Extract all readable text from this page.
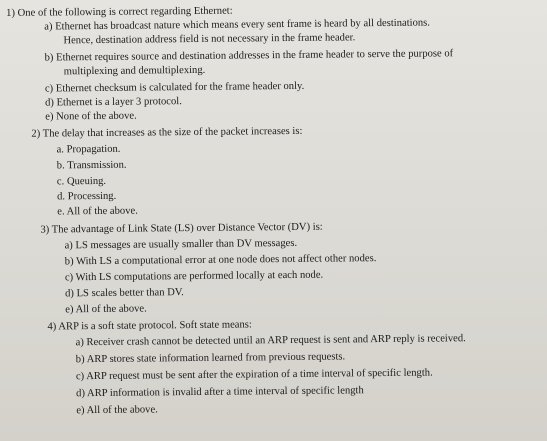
1) One of the following is correct regarding Ethernet:
a) Ethernet has broadcast nature which means every sent frame is heard by all destinations.
Hence, destination address field is not necessary in the frame header.
b) Ethernet requires source and destination addresses in the frame header to serve the purpose of
multiplexing and demultiplexing.
c) Ethernet checksum is calculated for the frame header only.
d) Ethernet is a layer 3 protocol.
e) None of the above.
2) The delay that increases as the size of the packet increases is:
a. Propagation.
b. Transmission.
c. Queuing.
d. Processing.
e. All of the above.
3) The advantage of Link State (LS) over Distance Vector (DV) is:
a) LS messages are usually smaller than DV messages.
b) With LS a computational error at one node does not affect other nodes.
c) With LS computations are performed locally at each node.
d) LS scales better than DV.
e) All of the above.
4) ARP is a soft state protocol. Soft state means:
a) Receiver crash cannot be detected until an ARP request is sent and ARP reply is received.
b) ARP stores state information learned from previous requests.
c) ARP request must be sent after the expiration of a time interval of specific length.
d) ARP information is invalid after a time interval of specific length
e) All of the above.
